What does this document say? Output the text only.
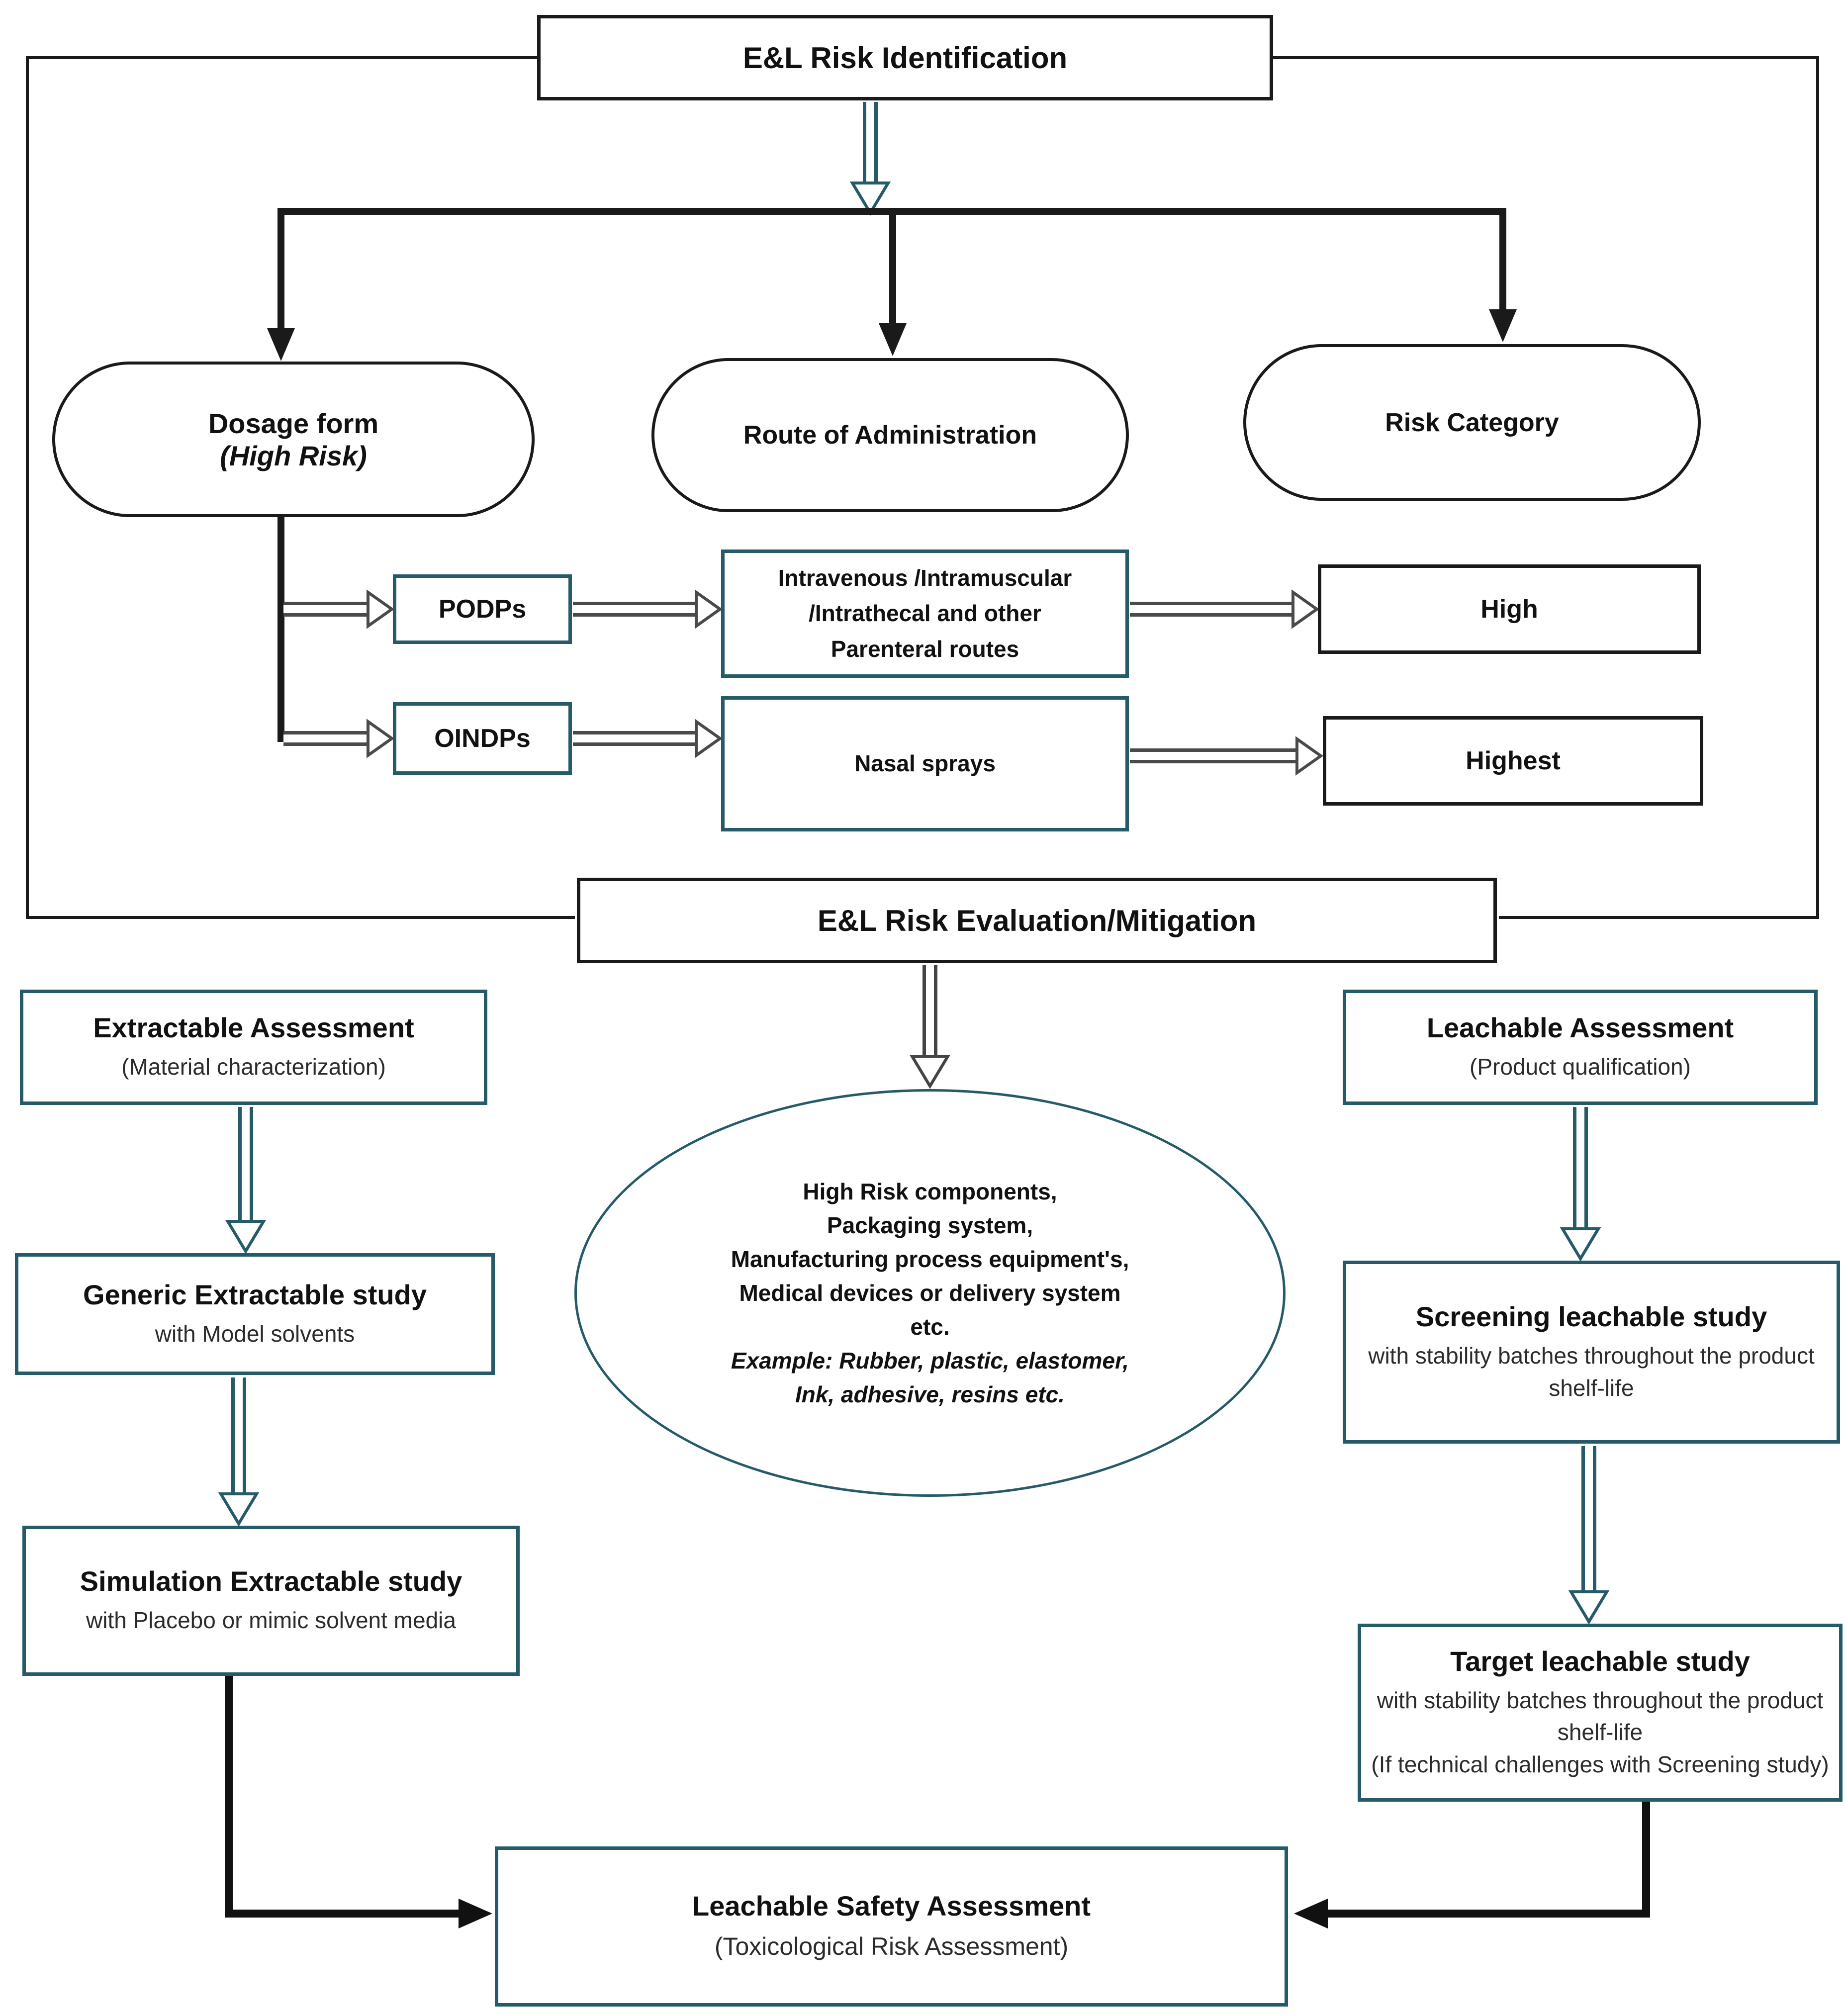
E&L Risk Identification
Dosage form
(High Risk)
Route of Administration	Risk Category
PODPs
Intravenous /Intramuscular
/Intrathecal and other
Parenteral routes
High
OINDPs
Nasal sprays	Highest
E&L Risk Evaluation/Mitigation
Extractable Assessment
(Material characterization)
Generic Extractable study
with Model solvents
Simulation Extractable study
with Placebo or mimic solvent media
High Risk components,
Packaging system,
Manufacturing process equipment's,
Medical devices or delivery system
etc.
Example: Rubber, plastic, elastomer,
Ink, adhesive, resins etc.
Leachable Assessment
(Product qualification)
Screening leachable study
with stability batches throughout the product shelf-life
Target leachable study
with stability batches throughout the product shelf-life
(If technical challenges with Screening study)
Leachable Safety Assessment
(Toxicological Risk Assessment)
